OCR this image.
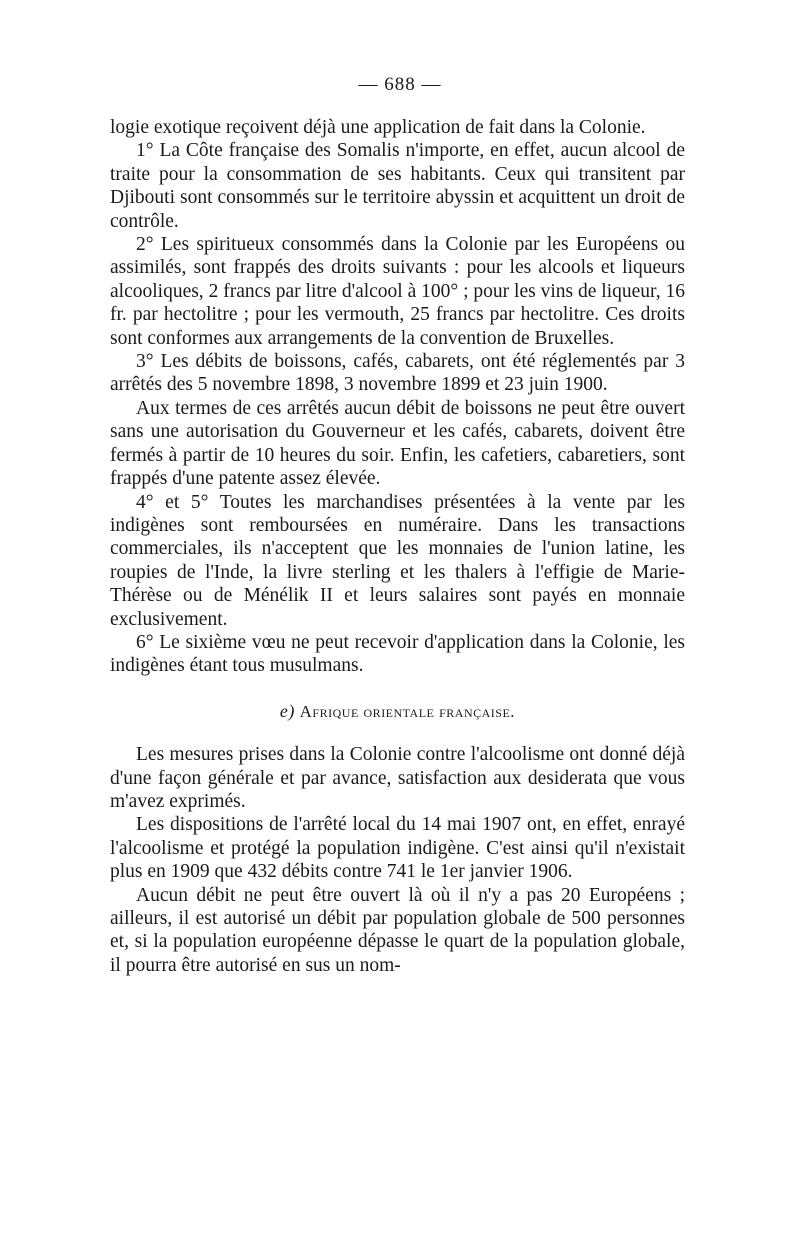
— 688 —

logie exotique reçoivent déjà une application de fait dans la Colonie.

1° La Côte française des Somalis n'importe, en effet, aucun alcool de traite pour la consommation de ses habitants. Ceux qui transitent par Djibouti sont consommés sur le territoire abyssin et acquittent un droit de contrôle.

2° Les spiritueux consommés dans la Colonie par les Européens ou assimilés, sont frappés des droits suivants : pour les alcools et liqueurs alcooliques, 2 francs par litre d'alcool à 100° ; pour les vins de liqueur, 16 fr. par hectolitre ; pour les vermouth, 25 francs par hectolitre. Ces droits sont conformes aux arrangements de la convention de Bruxelles.

3° Les débits de boissons, cafés, cabarets, ont été réglementés par 3 arrêtés des 5 novembre 1898, 3 novembre 1899 et 23 juin 1900.

Aux termes de ces arrêtés aucun débit de boissons ne peut être ouvert sans une autorisation du Gouverneur et les cafés, cabarets, doivent être fermés à partir de 10 heures du soir. Enfin, les cafetiers, cabaretiers, sont frappés d'une patente assez élevée.

4° et 5° Toutes les marchandises présentées à la vente par les indigènes sont remboursées en numéraire. Dans les transactions commerciales, ils n'acceptent que les monnaies de l'union latine, les roupies de l'Inde, la livre sterling et les thalers à l'effigie de Marie-Thérèse ou de Ménélik II et leurs salaires sont payés en monnaie exclusivement.

6° Le sixième vœu ne peut recevoir d'application dans la Colonie, les indigènes étant tous musulmans.

e) Afrique orientale française.

Les mesures prises dans la Colonie contre l'alcoolisme ont donné déjà d'une façon générale et par avance, satisfaction aux desiderata que vous m'avez exprimés.

Les dispositions de l'arrêté local du 14 mai 1907 ont, en effet, enrayé l'alcoolisme et protégé la population indigène. C'est ainsi qu'il n'existait plus en 1909 que 432 débits contre 741 le 1er janvier 1906.

Aucun débit ne peut être ouvert là où il n'y a pas 20 Européens ; ailleurs, il est autorisé un débit par population globale de 500 personnes et, si la population européenne dépasse le quart de la population globale, il pourra être autorisé en sus un nom-
